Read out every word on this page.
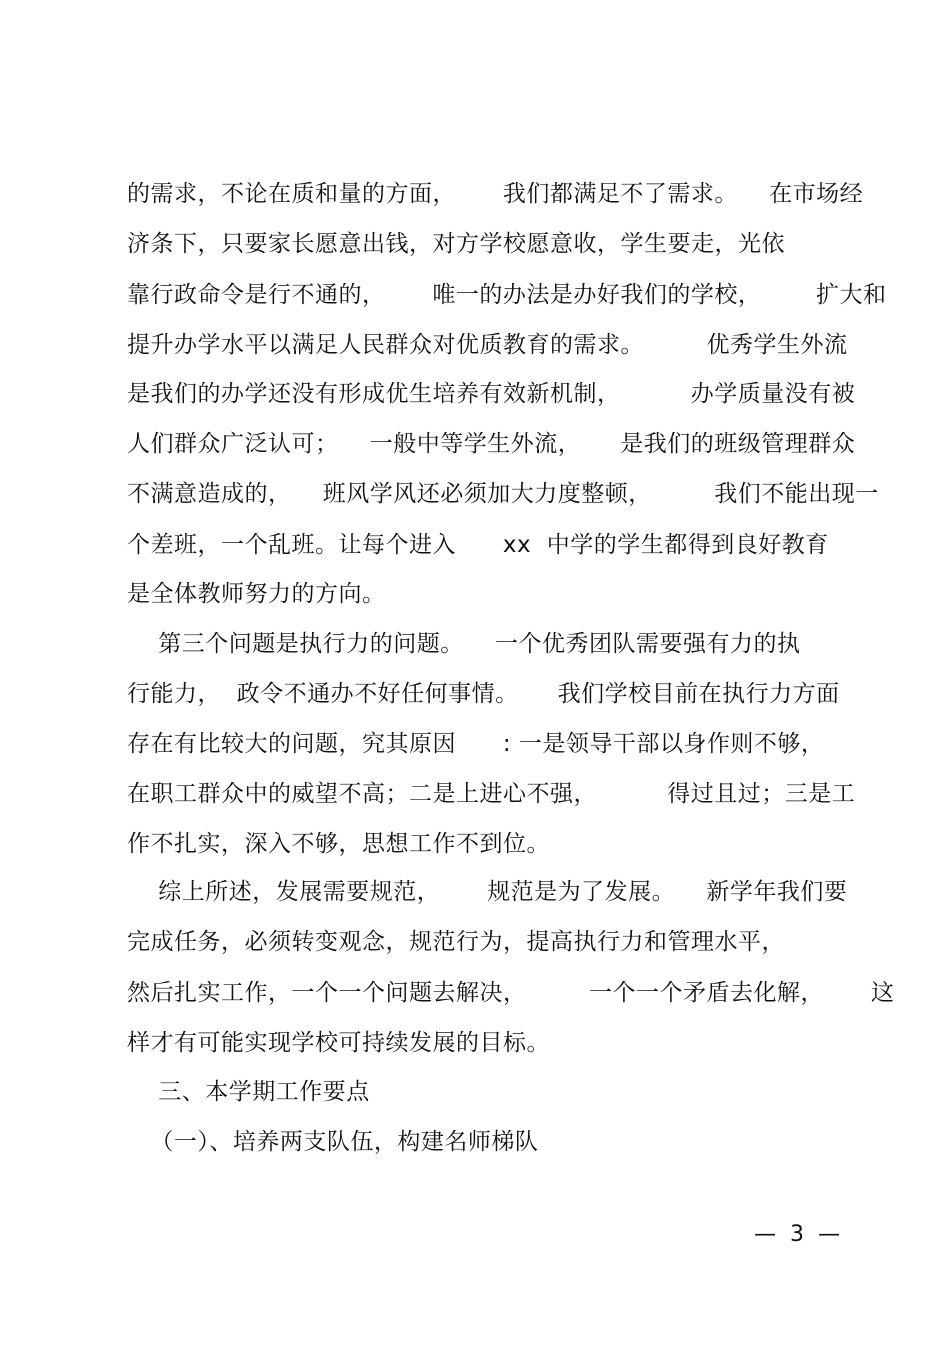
的需求，不论在质和量的方面，      我们都满足不了需求。    在市场经
济条下，只要家长愿意出钱，对方学校愿意收，学生要走，光依
靠行政命令是行不通的，      唯一的办法是办好我们的学校，       扩大和
提升办学水平以满足人民群众对优质教育的需求。        优秀学生外流
是我们的办学还没有形成优生培养有效新机制，         办学质量没有被
人们群众广泛认可；    一般中等学生外流，     是我们的班级管理群众
不满意造成的，    班风学风还必须加大力度整顿，        我们不能出现一
个差班，一个乱班。让每个进入      xx  中学的学生都得到良好教育
是全体教师努力的方向。
第三个问题是执行力的问题。    一个优秀团队需要强有力的执
行能力，  政令不通办不好任何事情。     我们学校目前在执行力方面
存在有比较大的问题，究其原因      : 一是领导干部以身作则不够，
在职工群众中的威望不高；二是上进心不强，         得过且过；三是工
作不扎实，深入不够，思想工作不到位。
综上所述，发展需要规范，      规范是为了发展。    新学年我们要
完成任务，必须转变观念，规范行为，提高执行力和管理水平，
然后扎实工作，一个一个问题去解决，        一个一个矛盾去化解，      这
样才有可能实现学校可持续发展的目标。
三、本学期工作要点
（一）、培养两支队伍，构建名师梯队
—  3  —
